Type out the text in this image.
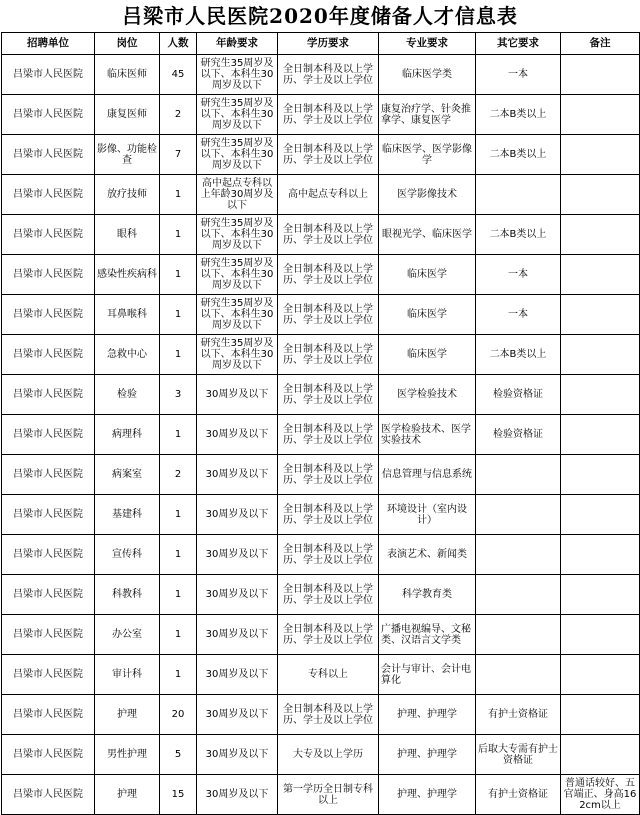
吕梁市人民医院2020年度储备人才信息表
招聘单位	岗位	人数	年龄要求	学历要求	专业要求	其它要求	备注
吕梁市人民医院	临床医师	45	研究生35周岁及以下、本科生30周岁及以下	全日制本科及以上学历、学士及以上学位	临床医学类	一本	
吕梁市人民医院	康复医师	2	研究生35周岁及以下、本科生30周岁及以下	全日制本科及以上学历、学士及以上学位	康复治疗学、针灸推拿学、康复医学	二本B类以上	
吕梁市人民医院	影像、功能检查	7	研究生35周岁及以下、本科生30周岁及以下	全日制本科及以上学历、学士及以上学位	临床医学、医学影像学	二本B类以上	
吕梁市人民医院	放疗技师	1	高中起点专科以上年龄30周岁及以下	高中起点专科以上	医学影像技术		
吕梁市人民医院	眼科	1	研究生35周岁及以下、本科生30周岁及以下	全日制本科及以上学历、学士及以上学位	眼视光学、临床医学	二本B类以上	
吕梁市人民医院	感染性疾病科	1	研究生35周岁及以下、本科生30周岁及以下	全日制本科及以上学历、学士及以上学位	临床医学	一本	
吕梁市人民医院	耳鼻喉科	1	研究生35周岁及以下、本科生30周岁及以下	全日制本科及以上学历、学士及以上学位	临床医学	一本	
吕梁市人民医院	急救中心	1	研究生35周岁及以下、本科生30周岁及以下	全日制本科及以上学历、学士及以上学位	临床医学	二本B类以上	
吕梁市人民医院	检验	3	30周岁及以下	全日制本科及以上学历、学士及以上学位	医学检验技术	检验资格证	
吕梁市人民医院	病理科	1	30周岁及以下	全日制本科及以上学历、学士及以上学位	医学检验技术、医学实验技术	检验资格证	
吕梁市人民医院	病案室	2	30周岁及以下	全日制本科及以上学历、学士及以上学位	信息管理与信息系统		
吕梁市人民医院	基建科	1	30周岁及以下	全日制本科及以上学历、学士及以上学位	环境设计（室内设计）		
吕梁市人民医院	宣传科	1	30周岁及以下	全日制本科及以上学历、学士及以上学位	表演艺术、新闻类		
吕梁市人民医院	科教科	1	30周岁及以下	全日制本科及以上学历、学士及以上学位	科学教育类		
吕梁市人民医院	办公室	1	30周岁及以下	全日制本科及以上学历、学士及以上学位	广播电视编导、文秘类、汉语言文学类		
吕梁市人民医院	审计科	1	30周岁及以下	专科以上	会计与审计、会计电算化		
吕梁市人民医院	护理	20	30周岁及以下	全日制本科及以上学历、学士及以上学位	护理、护理学	有护士资格证	
吕梁市人民医院	男性护理	5	30周岁及以下	大专及以上学历	护理、护理学	后取大专需有护士资格证	
吕梁市人民医院	护理	15	30周岁及以下	第一学历全日制专科以上	护理、护理学	有护士资格证	普通话较好、五官端正、身高162cm以上
